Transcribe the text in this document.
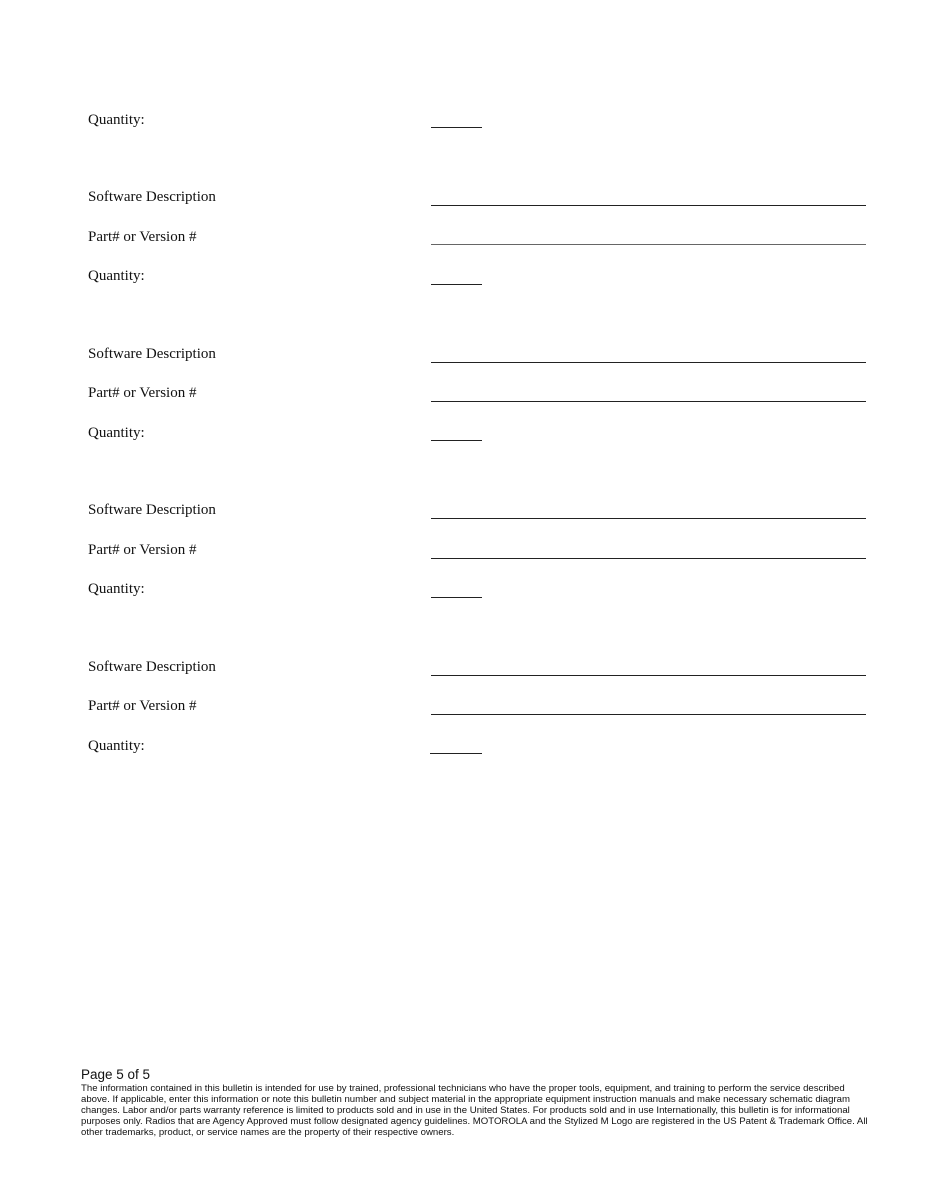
Quantity:
Software Description
Part# or Version #
Quantity:
Software Description
Part# or Version #
Quantity:
Software Description
Part# or Version #
Quantity:
Software Description
Part# or Version #
Quantity:
Page 5 of 5
The information contained in this bulletin is intended for use by trained, professional technicians who have the proper tools, equipment, and training to perform the service described above. If applicable, enter this information or note this bulletin number and subject material in the appropriate equipment instruction manuals and make necessary schematic diagram changes. Labor and/or parts warranty reference is limited to products sold and in use in the United States. For products sold and in use Internationally, this bulletin is for informational purposes only. Radios that are Agency Approved must follow designated agency guidelines. MOTOROLA and the Stylized M Logo are registered in the US Patent & Trademark Office. All other trademarks, product, or service names are the property of their respective owners.
